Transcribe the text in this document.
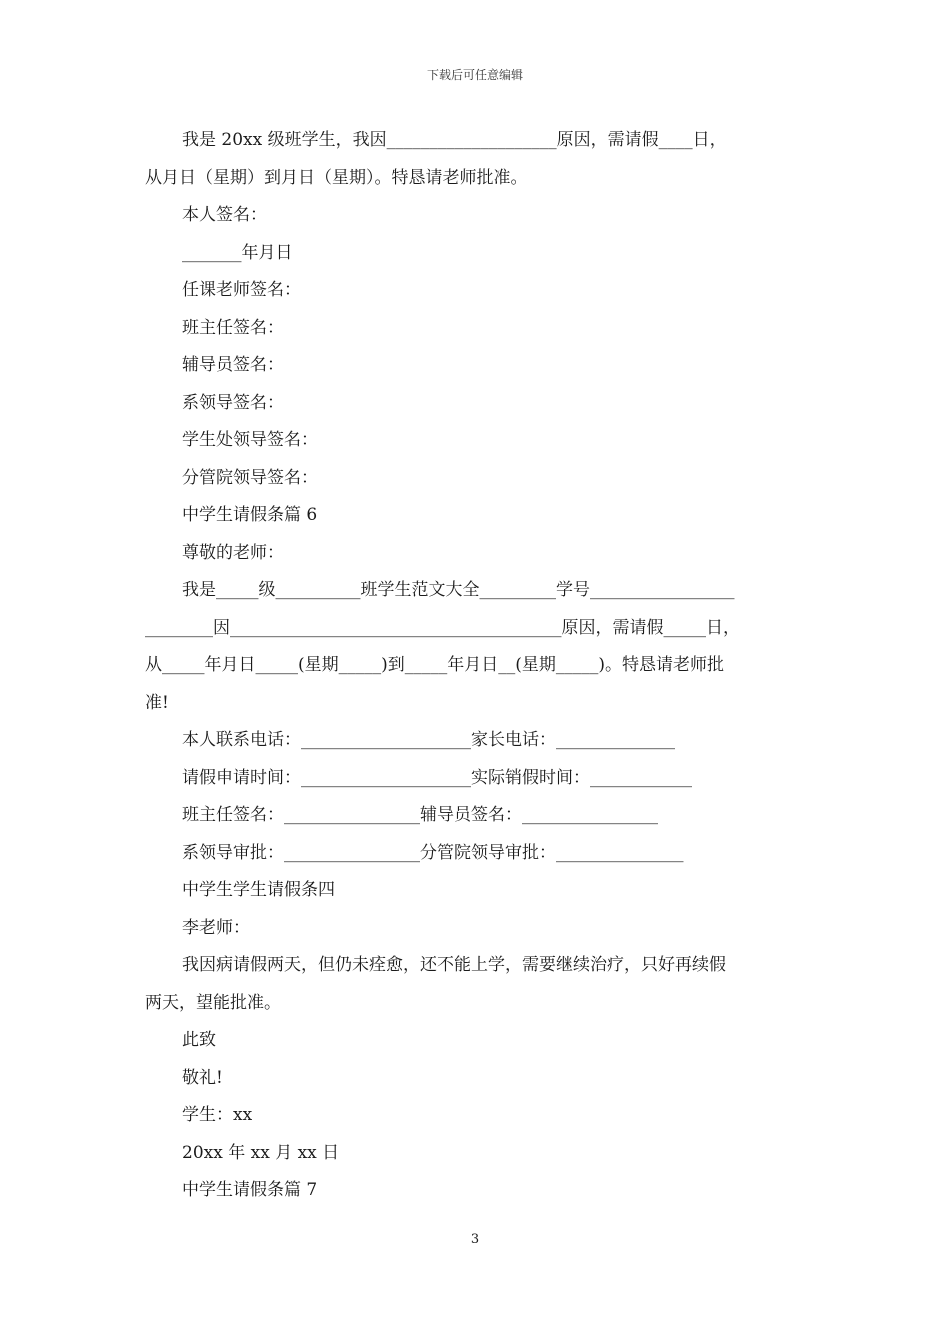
下载后可任意编辑
我是 20xx 级班学生，我因____________________原因，需请假____日，
从月日（星期）到月日（星期）。特恳请老师批准。
本人签名：
_______年月日
任课老师签名：
班主任签名：
辅导员签名：
系领导签名：
学生处领导签名：
分管院领导签名：
中学生请假条篇 6
尊敬的老师：
我是_____级__________班学生范文大全_________学号_________________
________因_______________________________________原因，需请假_____日，
从_____年月日_____(星期_____)到_____年月日__(星期_____)。特恳请老师批
准!
本人联系电话：____________________家长电话：______________
请假申请时间：____________________实际销假时间：____________
班主任签名：________________辅导员签名：________________
系领导审批：________________分管院领导审批：_______________
中学生学生请假条四
李老师：
我因病请假两天，但仍未痊愈，还不能上学，需要继续治疗，只好再续假
两天，望能批准。
此致
敬礼!
学生：xx
20xx 年 xx 月 xx 日
中学生请假条篇 7
3
